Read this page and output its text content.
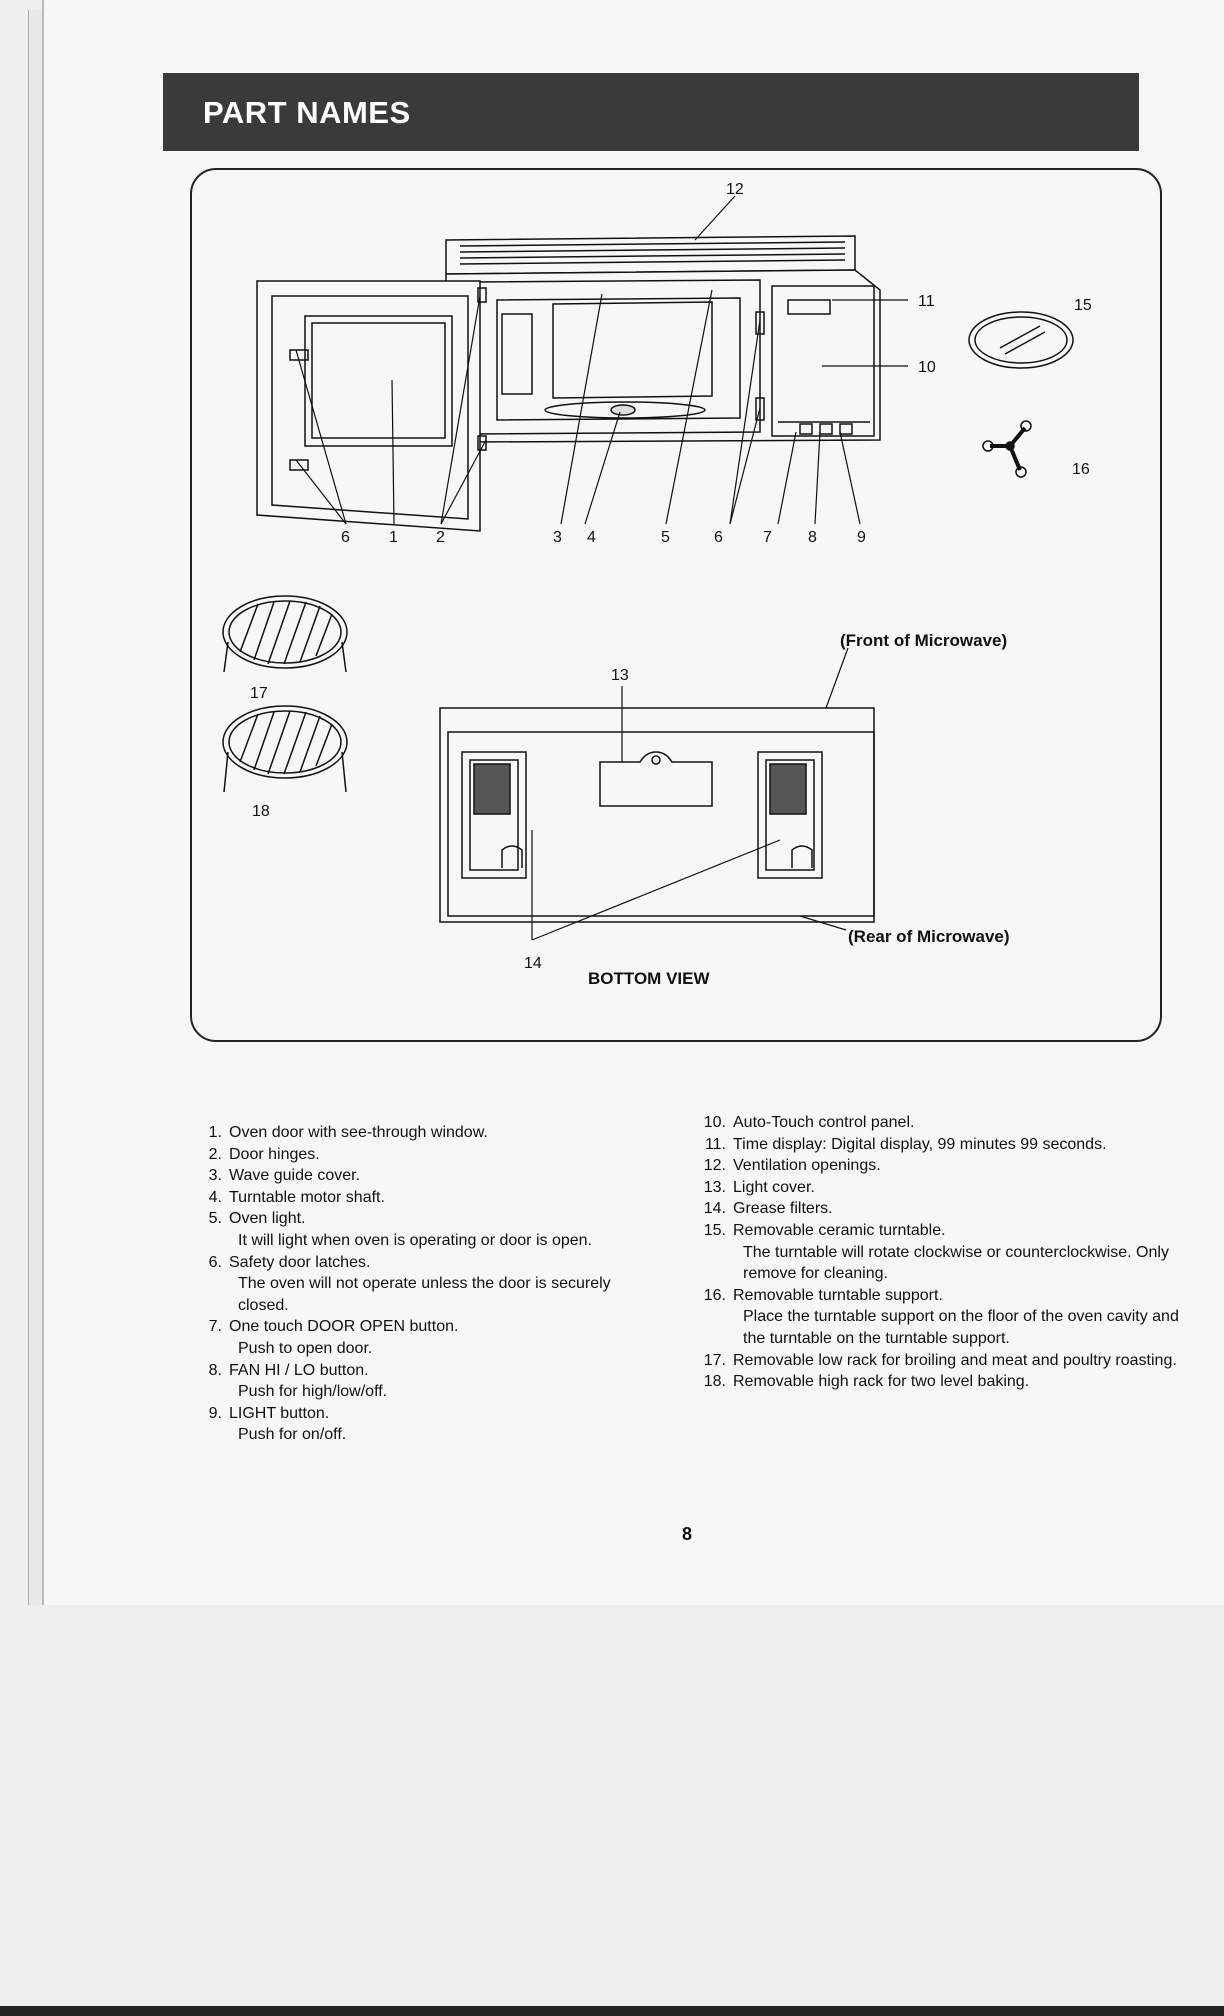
PART NAMES
6 1 2	3 4	5	6	7 8	9
10
11
12
13
14
15
16
17
18
(Front of Microwave)
(Rear of Microwave)
BOTTOM VIEW
1. Oven door with see-through window.
2. Door hinges.
3. Wave guide cover.
4. Turntable motor shaft.
5. Oven light.
It will light when oven is operating or door is open.
6. Safety door latches.
The oven will not operate unless the door is securely closed.
7. One touch DOOR OPEN button.
Push to open door.
8. FAN HI / LO button.
Push for high/low/off.
9. LIGHT button.
Push for on/off.
10. Auto-Touch control panel.
11. Time display: Digital display, 99 minutes 99 seconds.
12. Ventilation openings.
13. Light cover.
14. Grease filters.
15. Removable ceramic turntable.
The turntable will rotate clockwise or counterclockwise. Only remove for cleaning.
16. Removable turntable support.
Place the turntable support on the floor of the oven cavity and the turntable on the turntable support.
17. Removable low rack for broiling and meat and poultry roasting.
18. Removable high rack for two level baking.
8
